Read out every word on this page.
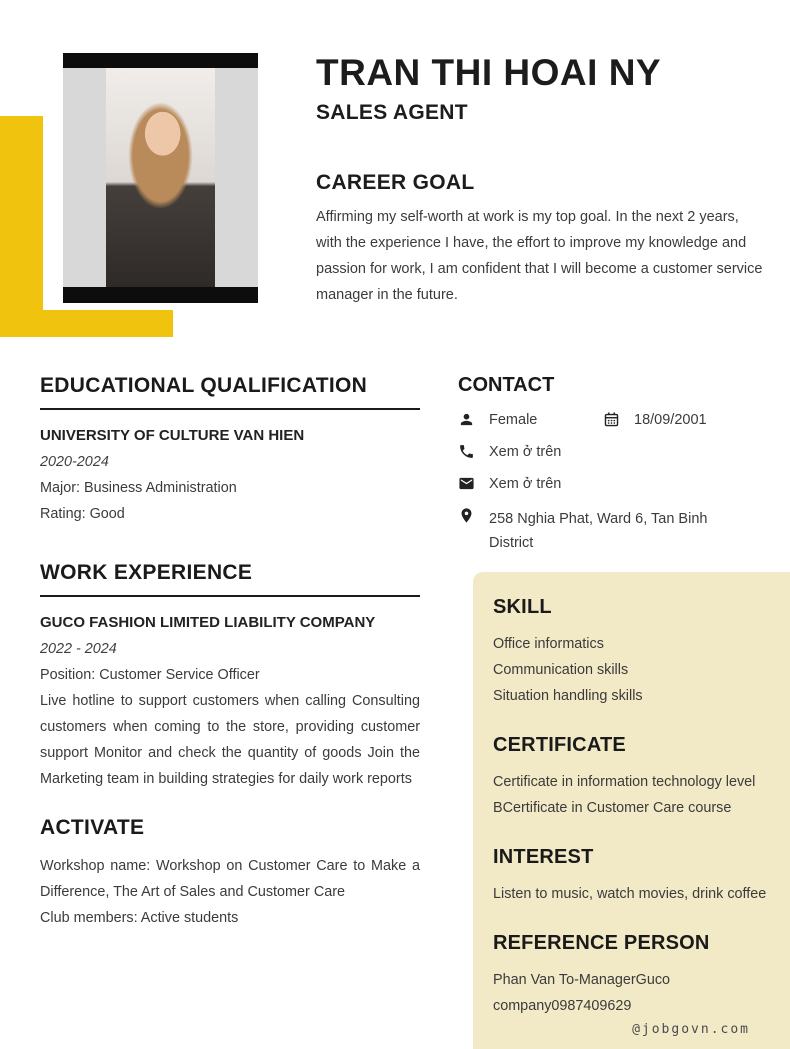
TRAN THI HOAI NY
SALES AGENT
CAREER GOAL
Affirming my self-worth at work is my top goal. In the next 2 years,
with the experience I have, the effort to improve my knowledge and
passion for work, I am confident that I will become a customer service
manager in the future.
EDUCATIONAL QUALIFICATION
UNIVERSITY OF CULTURE VAN HIEN
2020-2024
Major: Business Administration
Rating: Good
WORK EXPERIENCE
GUCO FASHION LIMITED LIABILITY COMPANY
2022 - 2024
Position: Customer Service Officer
Live hotline to support customers when calling Consulting
customers when coming to the store, providing customer
support Monitor and check the quantity of goods Join the
Marketing team in building strategies for daily work reports
ACTIVATE
Workshop name: Workshop on Customer Care to Make a
Difference, The Art of Sales and Customer Care
Club members: Active students
CONTACT
Female	18/09/2001
Xem ở trên
Xem ở trên
258 Nghia Phat, Ward 6, Tan Binh District
SKILL
Office informatics
Communication skills
Situation handling skills
CERTIFICATE
Certificate in information technology level
BCertificate in Customer Care course
INTEREST
Listen to music, watch movies, drink coffee
REFERENCE PERSON
Phan Van To-ManagerGuco
company0987409629
@jobgovn.com
